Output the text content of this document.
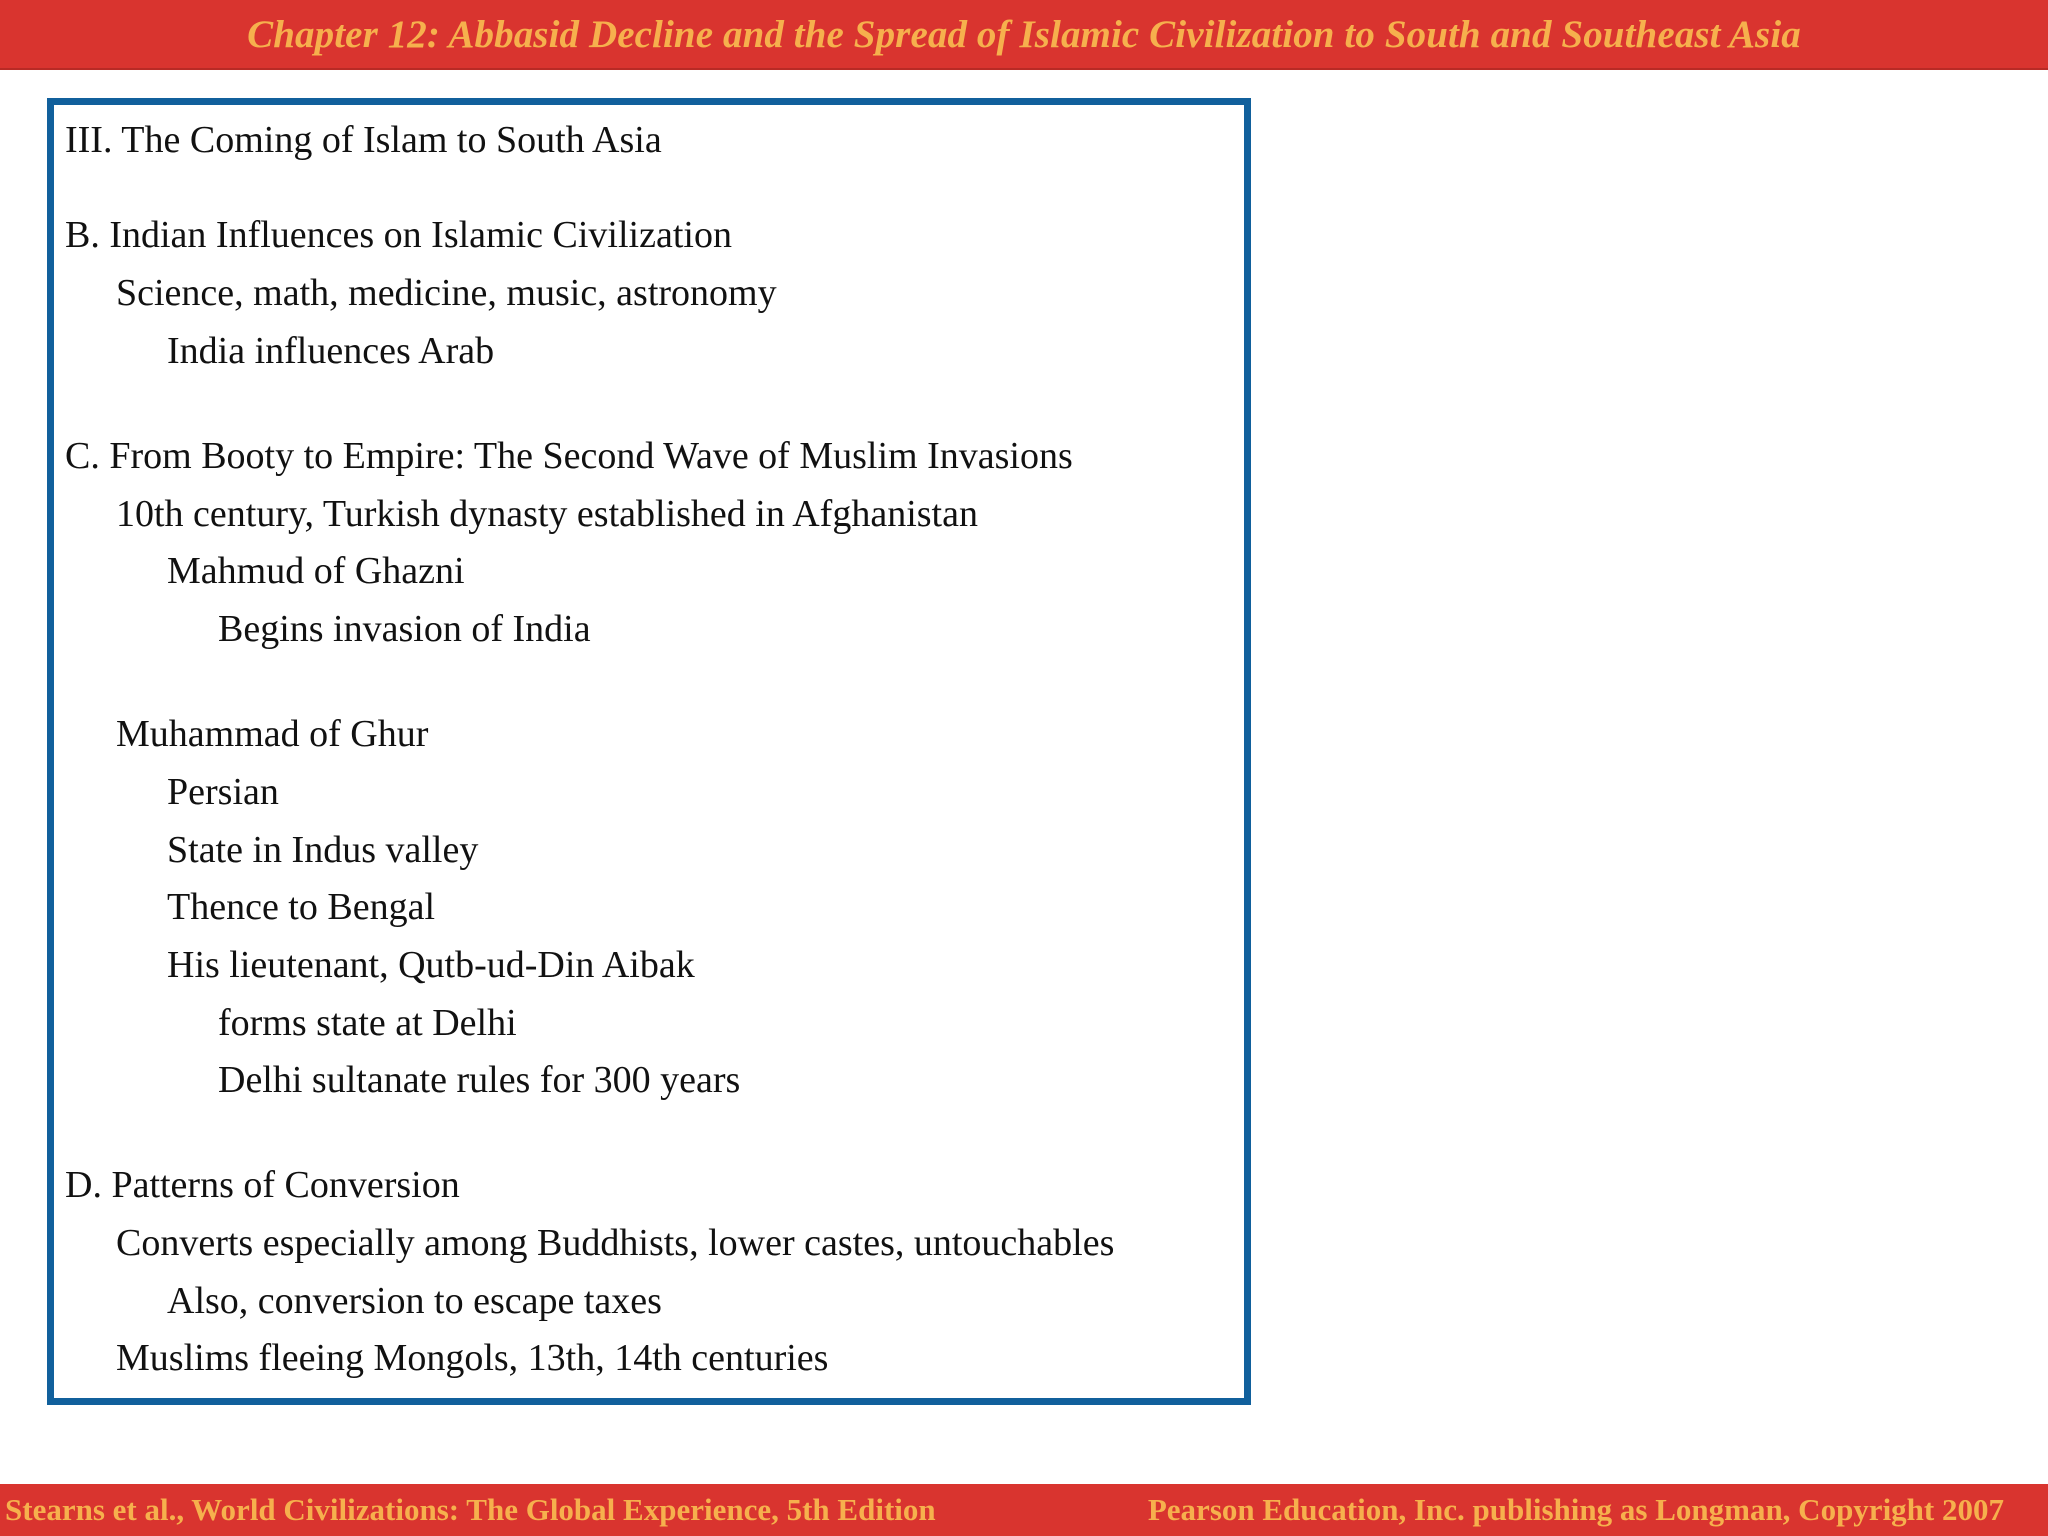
Chapter 12: Abbasid Decline and the Spread of Islamic Civilization to South and Southeast Asia
III. The Coming of Islam to South Asia
B. Indian Influences on Islamic Civilization
Science, math, medicine, music, astronomy
India influences Arab
C. From Booty to Empire: The Second Wave of Muslim Invasions
10th century, Turkish dynasty established in Afghanistan
Mahmud of Ghazni
Begins invasion of India
Muhammad of Ghur
Persian
State in Indus valley
Thence to Bengal
His lieutenant, Qutb-ud-Din Aibak
forms state at Delhi
Delhi sultanate rules for 300 years
D. Patterns of Conversion
Converts especially among Buddhists, lower castes, untouchables
Also, conversion to escape taxes
Muslims fleeing Mongols, 13th, 14th centuries
Stearns et al., World Civilizations: The Global Experience, 5th Edition	Pearson Education, Inc. publishing as Longman, Copyright 2007
